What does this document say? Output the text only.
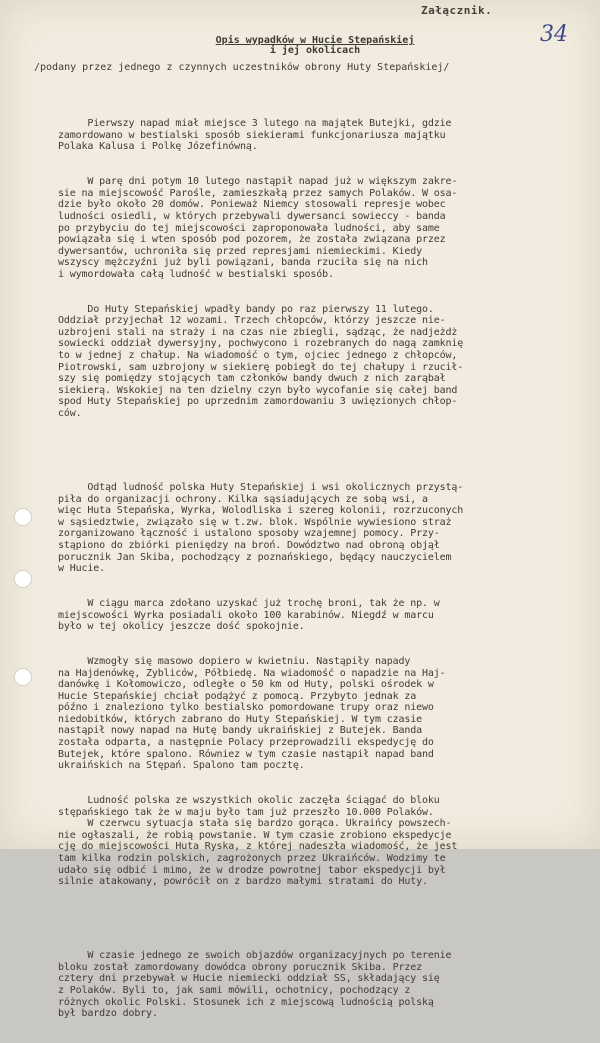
Załącznik.
34
Opis wypadków w Hucie Stepańskiej
i jej okolicach
/podany przez jednego z czynnych uczestników obrony Huty Stepańskiej/

Pierwszy napad miał miejsce 3 lutego na majątek Butejki, gdzie
zamordowano w bestialski sposób siekierami funkcjonariusza majątku
Polaka Kalusa i Polkę Józefinówną.

W parę dni potym 10 lutego nastąpił napad już w większym zakre-
sie na miejscowość Parośle, zamieszkałą przez samych Polaków. W osa-
dzie było około 20 domów. Ponieważ Niemcy stosowali represje wobec
ludności osiedli, w których przebywali dywersanci sowieccy - banda
po przybyciu do tej miejscowości zaproponowała ludności, aby same
powiązała się i wten sposób pod pozorem, że została związana przez
dywersantów, uchroniła się przed represjami niemieckimi. Kiedy
wszyscy mężczyźni już byli powiązani, banda rzuciła się na nich
i wymordowała całą ludność w bestialski sposób.

Do Huty Stepańskiej wpadły bandy po raz pierwszy 11 lutego.
Oddział przyjechał 12 wozami. Trzech chłopców, którzy jeszcze nie-
uzbrojeni stali na straży i na czas nie zbiegli, sądząc, że nadjeżdż
sowiecki oddział dywersyjny, pochwycono i rozebranych do nagą zamknię
to w jednej z chałup. Na wiadomość o tym, ojciec jednego z chłopców,
Piotrowski, sam uzbrojony w siekierę pobiegł do tej chałupy i rzucił-
szy się pomiędzy stojących tam członków bandy dwuch z nich zarąbał
siekierą. Wskokiej na ten dzielny czyn było wycofanie się całej band
spod Huty Stepańskiej po uprzednim zamordowaniu 3 uwięzionych chłop-
ców.

Odtąd ludność polska Huty Stepańskiej i wsi okolicznych przystą-
piła do organizacji ochrony. Kilka sąsiadujących ze sobą wsi, a
więc Huta Stepańska, Wyrka, Wolodliska i szereg kolonii, rozrzuconych
w sąsiedztwie, związało się w t.zw. blok. Wspólnie wywiesiono straż
zorganizowano łączność i ustalono sposoby wzajemnej pomocy. Przy-
stąpiono do zbiórki pieniędzy na broń. Dowództwo nad obroną objął
porucznik Jan Skiba, pochodzący z poznańskiego, będący nauczycielem
w Hucie.

W ciągu marca zdołano uzyskać już trochę broni, tak że np. w
miejscowości Wyrka posiadali około 100 karabinów. Niegdź w marcu
było w tej okolicy jeszcze dość spokojnie.

Wzmogły się masowo dopiero w kwietniu. Nastąpiły napady
na Hajdenówkę, Zybliców, Półbiedę. Na wiadomość o napadzie na Haj-
danówkę i Kołomowiczo, odległe o 50 km od Huty, polski ośrodek w
Hucie Stepańskiej chciał podążyć z pomocą. Przybyto jednak za
późno i znaleziono tylko bestialsko pomordowane trupy oraz niewo
niedobitków, których zabrano do Huty Stepańskiej. W tym czasie
nastąpił nowy napad na Hutę bandy ukraińskiej z Butejek. Banda
została odparta, a następnie Polacy przeprowadzili ekspedycję do
Butejek, które spalono. Równiez w tym czasie nastąpił napad band
ukraińskich na Stępań. Spalono tam pocztę.

Ludność polska ze wszystkich okolic zaczęła ściągać do bloku
stępańskiego tak że w maju było tam już przeszło 10.000 Polaków.
W czerwcu sytuacja stała się bardzo gorąca. Ukraińcy powszech-
nie ogłaszali, że robią powstanie. W tym czasie zrobiono ekspedycje
cję do miejscowości Huta Ryska, z której nadeszła wiadomość, że jest
tam kilka rodzin polskich, zagrożonych przez Ukraińców. Wodzimy te
udało się odbić i mimo, że w drodze powrotnej tabor ekspedycji był
silnie atakowany, powrócił on z bardzo małymi stratami do Huty.

W czasie jednego ze swoich objazdów organizacyjnych po terenie
bloku został zamordowany dowódca obrony porucznik Skiba. Przez
cztery dni przebywał w Hucie niemiecki oddział SS, składający się
z Polaków. Byli to, jak sami mówili, ochotnicy, pochodzący z
różnych okolic Polski. Stosunek ich z miejscową ludnością polską
był bardzo dobry.
